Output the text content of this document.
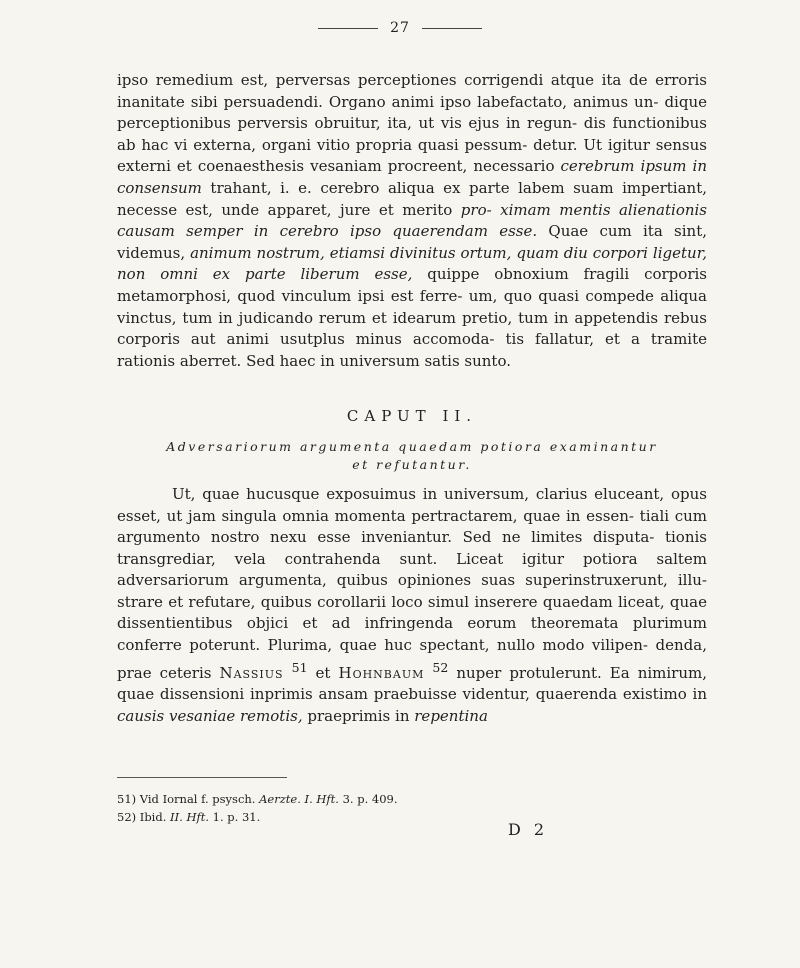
27

ipso remedium est, perversas perceptiones corrigendi atque ita de erroris inanitate sibi persuadendi. Organo animi ipso labefactato, animus un- dique perceptionibus perversis obruitur, ita, ut vis ejus in regun- dis functionibus ab hac vi externa, organi vitio propria quasi pessum- detur. Ut igitur sensus externi et coenaesthesis vesaniam procreent, necessario cerebrum ipsum in consensum trahant, i. e. cerebro aliqua ex parte labem suam impertiant, necesse est, unde apparet, jure et merito pro- ximam mentis alienationis causam semper in cerebro ipso quaerendam esse. Quae cum ita sint, videmus, animum nostrum, etiamsi divinitus ortum, quam diu corpori ligetur, non omni ex parte liberum esse, quippe obnoxium fragili corporis metamorphosi, quod vinculum ipsi est ferre- um, quo quasi compede aliqua vinctus, tum in judicando rerum et idearum pretio, tum in appetendis rebus corporis aut animi usutplus minus accomoda- tis fallatur, et a tramite rationis aberret. Sed haec in universum satis sunto.

CAPUT II.
Adversariorum argumenta quaedam potiora examinantur
et refutantur.

Ut, quae hucusque exposuimus in universum, clarius eluceant, opus esset, ut jam singula omnia momenta pertractarem, quae in essen- tiali cum argumento nostro nexu esse inveniantur. Sed ne limites disputa- tionis transgrediar, vela contrahenda sunt. Liceat igitur potiora saltem adversariorum argumenta, quibus opiniones suas superinstruxerunt, illu- strare et refutare, quibus corollarii loco simul inserere quaedam liceat, quae dissentientibus objici et ad infringenda eorum theoremata plurimum conferre poterunt. Plurima, quae huc spectant, nullo modo vilipen- denda, prae ceteris Nassius $^{51}$ et Hohnbaum $^{52}$ nuper protulerunt. Ea nimirum, quae dissensioni inprimis ansam praebuisse videntur, quaerenda existimo in causis vesaniae remotis, praeprimis in repentina

51) Vid Iornal f. psysch. Aerzte. I. Hft. 3. p. 409.

52) Ibid. II. Hft. 1. p. 31.

D 2
